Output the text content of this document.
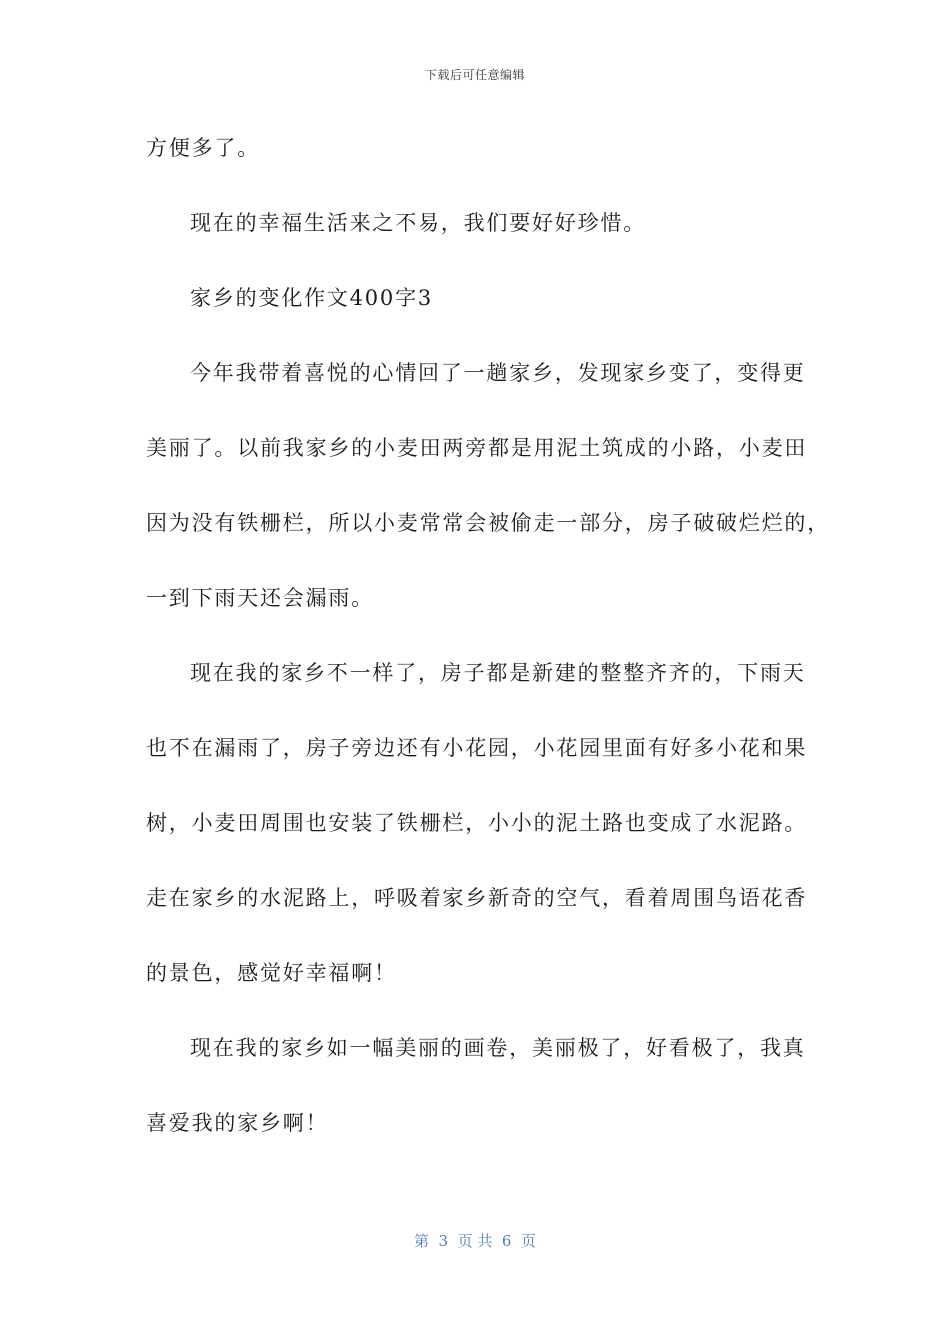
下载后可任意编辑
方便多了。
现在的幸福生活来之不易，我们要好好珍惜。
家乡的变化作文400字3
今年我带着喜悦的心情回了一趟家乡，发现家乡变了，变得更
美丽了。以前我家乡的小麦田两旁都是用泥土筑成的小路，小麦田
因为没有铁栅栏，所以小麦常常会被偷走一部分，房子破破烂烂的，
一到下雨天还会漏雨。
现在我的家乡不一样了，房子都是新建的整整齐齐的，下雨天
也不在漏雨了，房子旁边还有小花园，小花园里面有好多小花和果
树，小麦田周围也安装了铁栅栏，小小的泥土路也变成了水泥路。
走在家乡的水泥路上，呼吸着家乡新奇的空气，看着周围鸟语花香
的景色，感觉好幸福啊！
现在我的家乡如一幅美丽的画卷，美丽极了，好看极了，我真
喜爱我的家乡啊！
第  3  页 共  6  页
